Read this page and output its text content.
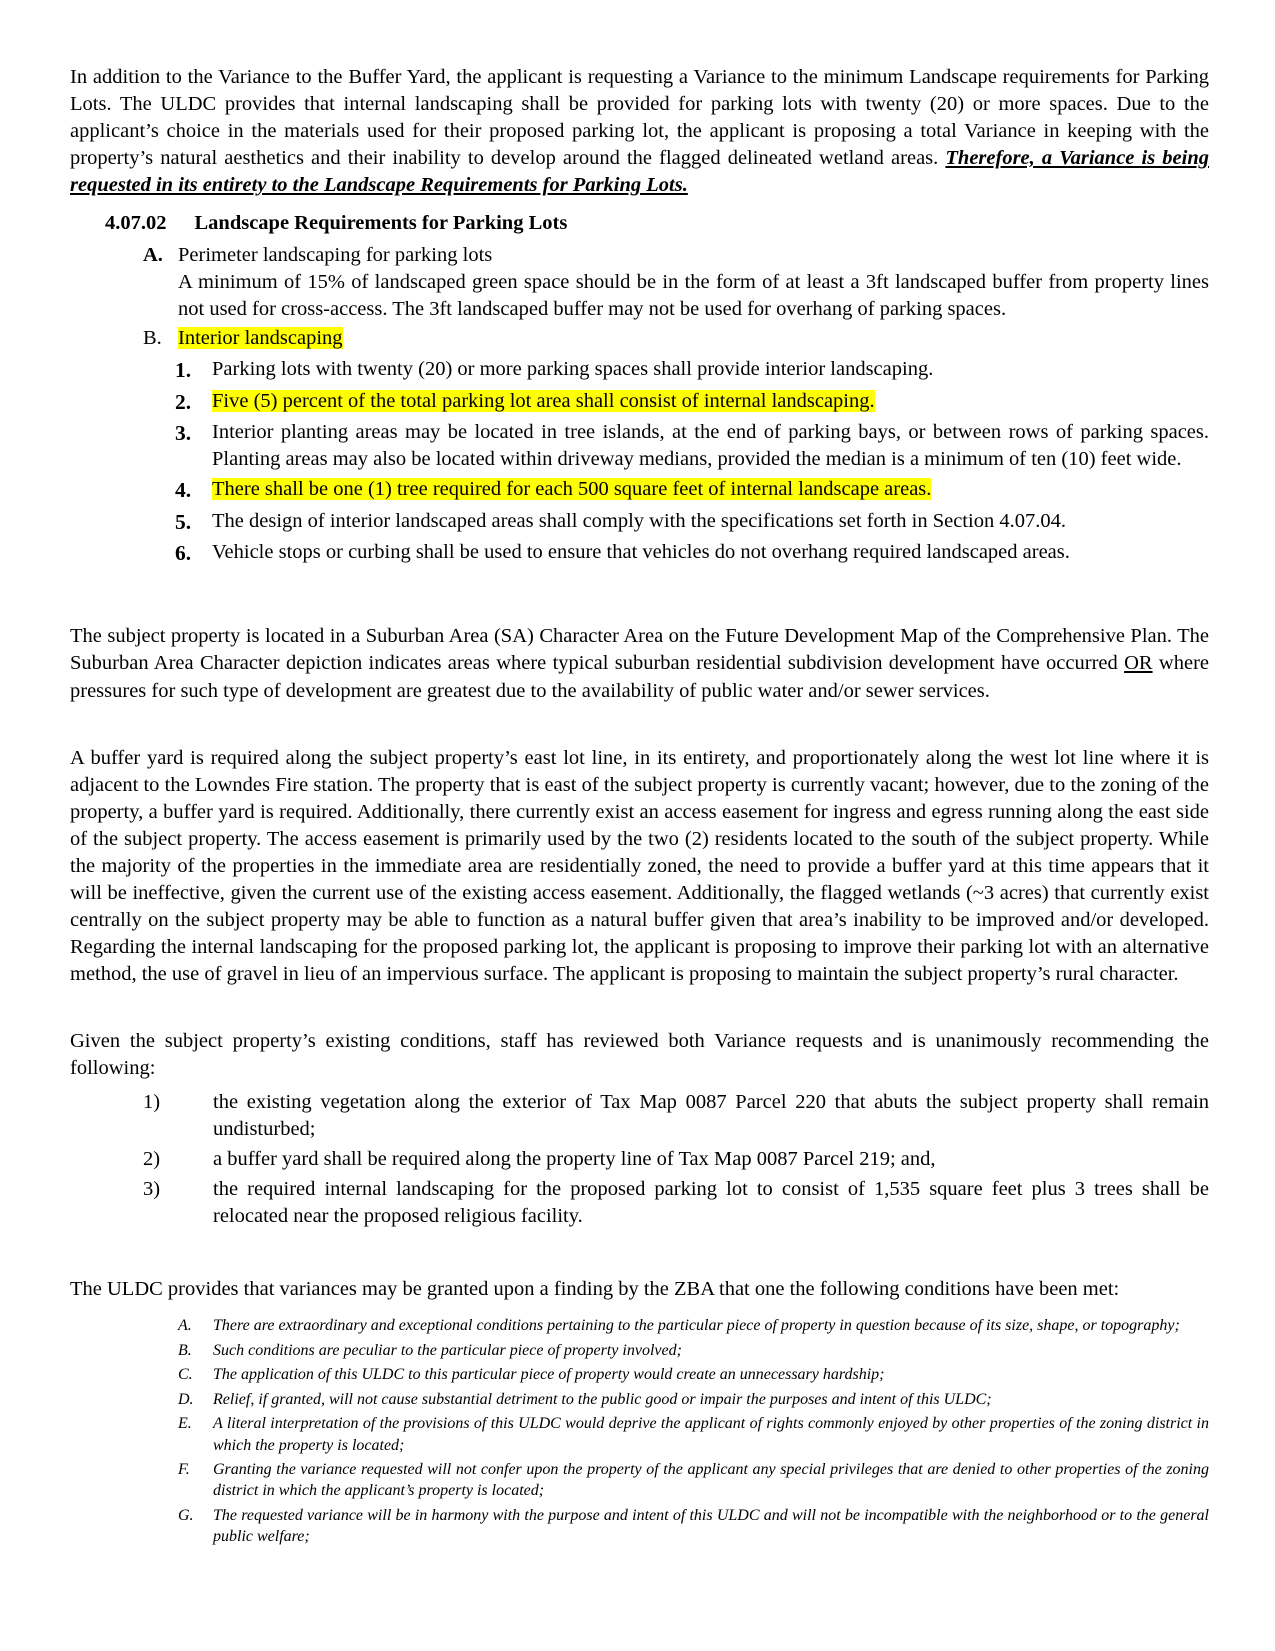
In addition to the Variance to the Buffer Yard, the applicant is requesting a Variance to the minimum Landscape requirements for Parking Lots. The ULDC provides that internal landscaping shall be provided for parking lots with twenty (20) or more spaces. Due to the applicant’s choice in the materials used for their proposed parking lot, the applicant is proposing a total Variance in keeping with the property’s natural aesthetics and their inability to develop around the flagged delineated wetland areas. Therefore, a Variance is being requested in its entirety to the Landscape Requirements for Parking Lots.

4.07.02 Landscape Requirements for Parking Lots
A. Perimeter landscaping for parking lots
A minimum of 15% of landscaped green space should be in the form of at least a 3ft landscaped buffer from property lines not used for cross-access. The 3ft landscaped buffer may not be used for overhang of parking spaces.
B. Interior landscaping
1.	Parking lots with twenty (20) or more parking spaces shall provide interior landscaping.
2.	Five (5) percent of the total parking lot area shall consist of internal landscaping.
3.	Interior planting areas may be located in tree islands, at the end of parking bays, or between rows of parking spaces. Planting areas may also be located within driveway medians, provided the median is a minimum of ten (10) feet wide.
4.	There shall be one (1) tree required for each 500 square feet of internal landscape areas.
5.	The design of interior landscaped areas shall comply with the specifications set forth in Section 4.07.04.
6.	Vehicle stops or curbing shall be used to ensure that vehicles do not overhang required landscaped areas.

The subject property is located in a Suburban Area (SA) Character Area on the Future Development Map of the Comprehensive Plan. The Suburban Area Character depiction indicates areas where typical suburban residential subdivision development have occurred OR where pressures for such type of development are greatest due to the availability of public water and/or sewer services.

A buffer yard is required along the subject property’s east lot line, in its entirety, and proportionately along the west lot line where it is adjacent to the Lowndes Fire station. The property that is east of the subject property is currently vacant; however, due to the zoning of the property, a buffer yard is required. Additionally, there currently exist an access easement for ingress and egress running along the east side of the subject property. The access easement is primarily used by the two (2) residents located to the south of the subject property. While the majority of the properties in the immediate area are residentially zoned, the need to provide a buffer yard at this time appears that it will be ineffective, given the current use of the existing access easement. Additionally, the flagged wetlands (~3 acres) that currently exist centrally on the subject property may be able to function as a natural buffer given that area’s inability to be improved and/or developed. Regarding the internal landscaping for the proposed parking lot, the applicant is proposing to improve their parking lot with an alternative method, the use of gravel in lieu of an impervious surface. The applicant is proposing to maintain the subject property’s rural character.

Given the subject property’s existing conditions, staff has reviewed both Variance requests and is unanimously recommending the following:

1)	the existing vegetation along the exterior of Tax Map 0087 Parcel 220 that abuts the subject property shall remain undisturbed;
2)	a buffer yard shall be required along the property line of Tax Map 0087 Parcel 219; and,
3)	the required internal landscaping for the proposed parking lot to consist of 1,535 square feet plus 3 trees shall be relocated near the proposed religious facility.

The ULDC provides that variances may be granted upon a finding by the ZBA that one the following conditions have been met:

A.	There are extraordinary and exceptional conditions pertaining to the particular piece of property in question because of its size, shape, or topography;
B.	Such conditions are peculiar to the particular piece of property involved;
C.	The application of this ULDC to this particular piece of property would create an unnecessary hardship;
D.	Relief, if granted, will not cause substantial detriment to the public good or impair the purposes and intent of this ULDC;
E.	A literal interpretation of the provisions of this ULDC would deprive the applicant of rights commonly enjoyed by other properties of the zoning district in which the property is located;
F.	Granting the variance requested will not confer upon the property of the applicant any special privileges that are denied to other properties of the zoning district in which the applicant’s property is located;
G.	The requested variance will be in harmony with the purpose and intent of this ULDC and will not be incompatible with the neighborhood or to the general public welfare;
